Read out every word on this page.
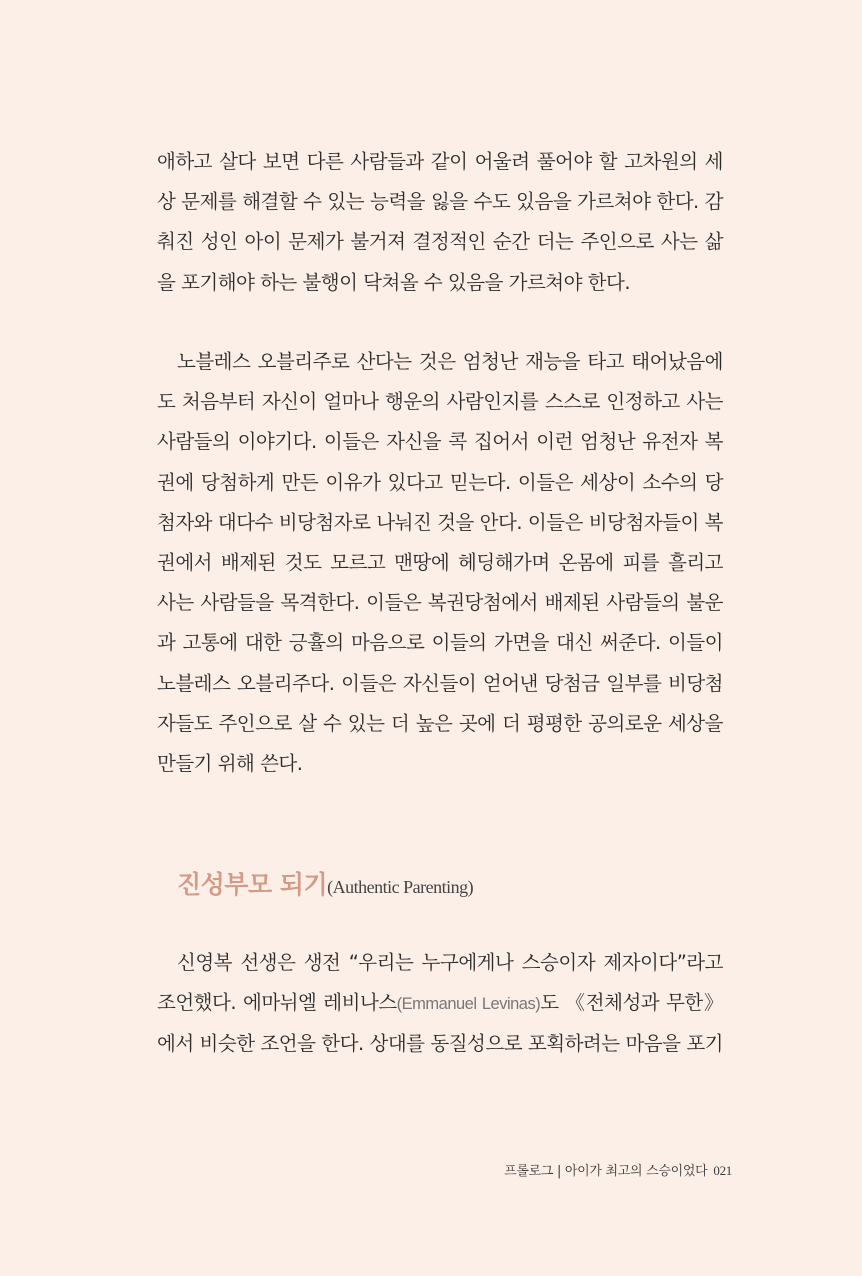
애하고 살다 보면 다른 사람들과 같이 어울려 풀어야 할 고차원의 세
상 문제를 해결할 수 있는 능력을 잃을 수도 있음을 가르쳐야 한다. 감
춰진 성인 아이 문제가 불거져 결정적인 순간 더는 주인으로 사는 삶
을 포기해야 하는 불행이 닥쳐올 수 있음을 가르쳐야 한다.

노블레스 오블리주로 산다는 것은 엄청난 재능을 타고 태어났음에
도 처음부터 자신이 얼마나 행운의 사람인지를 스스로 인정하고 사는
사람들의 이야기다. 이들은 자신을 콕 집어서 이런 엄청난 유전자 복
권에 당첨하게 만든 이유가 있다고 믿는다. 이들은 세상이 소수의 당
첨자와 대다수 비당첨자로 나눠진 것을 안다. 이들은 비당첨자들이 복
권에서 배제된 것도 모르고 맨땅에 헤딩해가며 온몸에 피를 흘리고
사는 사람들을 목격한다. 이들은 복권당첨에서 배제된 사람들의 불운
과 고통에 대한 긍휼의 마음으로 이들의 가면을 대신 써준다. 이들이
노블레스 오블리주다. 이들은 자신들이 얻어낸 당첨금 일부를 비당첨
자들도 주인으로 살 수 있는 더 높은 곳에 더 평평한 공의로운 세상을
만들기 위해 쓴다.

진성부모 되기(Authentic Parenting)

신영복 선생은 생전 “우리는 누구에게나 스승이자 제자이다”라고
조언했다. 에마뉘엘 레비나스(Emmanuel Levinas)도 《전체성과 무한》
에서 비슷한 조언을 한다. 상대를 동질성으로 포획하려는 마음을 포기

프롤로그 | 아이가 최고의 스승이었다 021
